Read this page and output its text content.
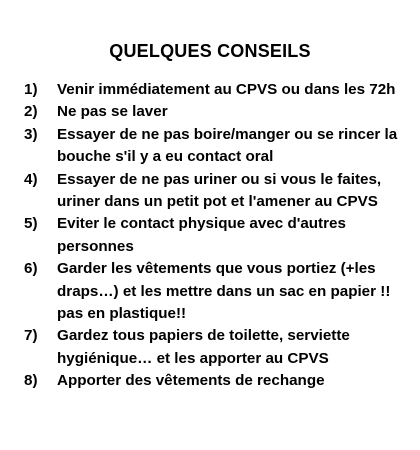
QUELQUES CONSEILS
1)	Venir immédiatement au CPVS ou dans les 72h
2)	Ne pas se laver
3)	Essayer de ne pas boire/manger ou se rincer la bouche s'il y a eu contact oral
4)	Essayer de ne pas uriner ou si vous le faites, uriner dans un petit pot et l'amener au CPVS
5)	Eviter le contact physique avec d'autres personnes
6)	Garder les vêtements que vous portiez (+les draps…) et les mettre dans un sac en papier !! pas en plastique!!
7)	Gardez tous papiers de toilette, serviette hygiénique… et les apporter au CPVS
8)	Apporter des vêtements de rechange
